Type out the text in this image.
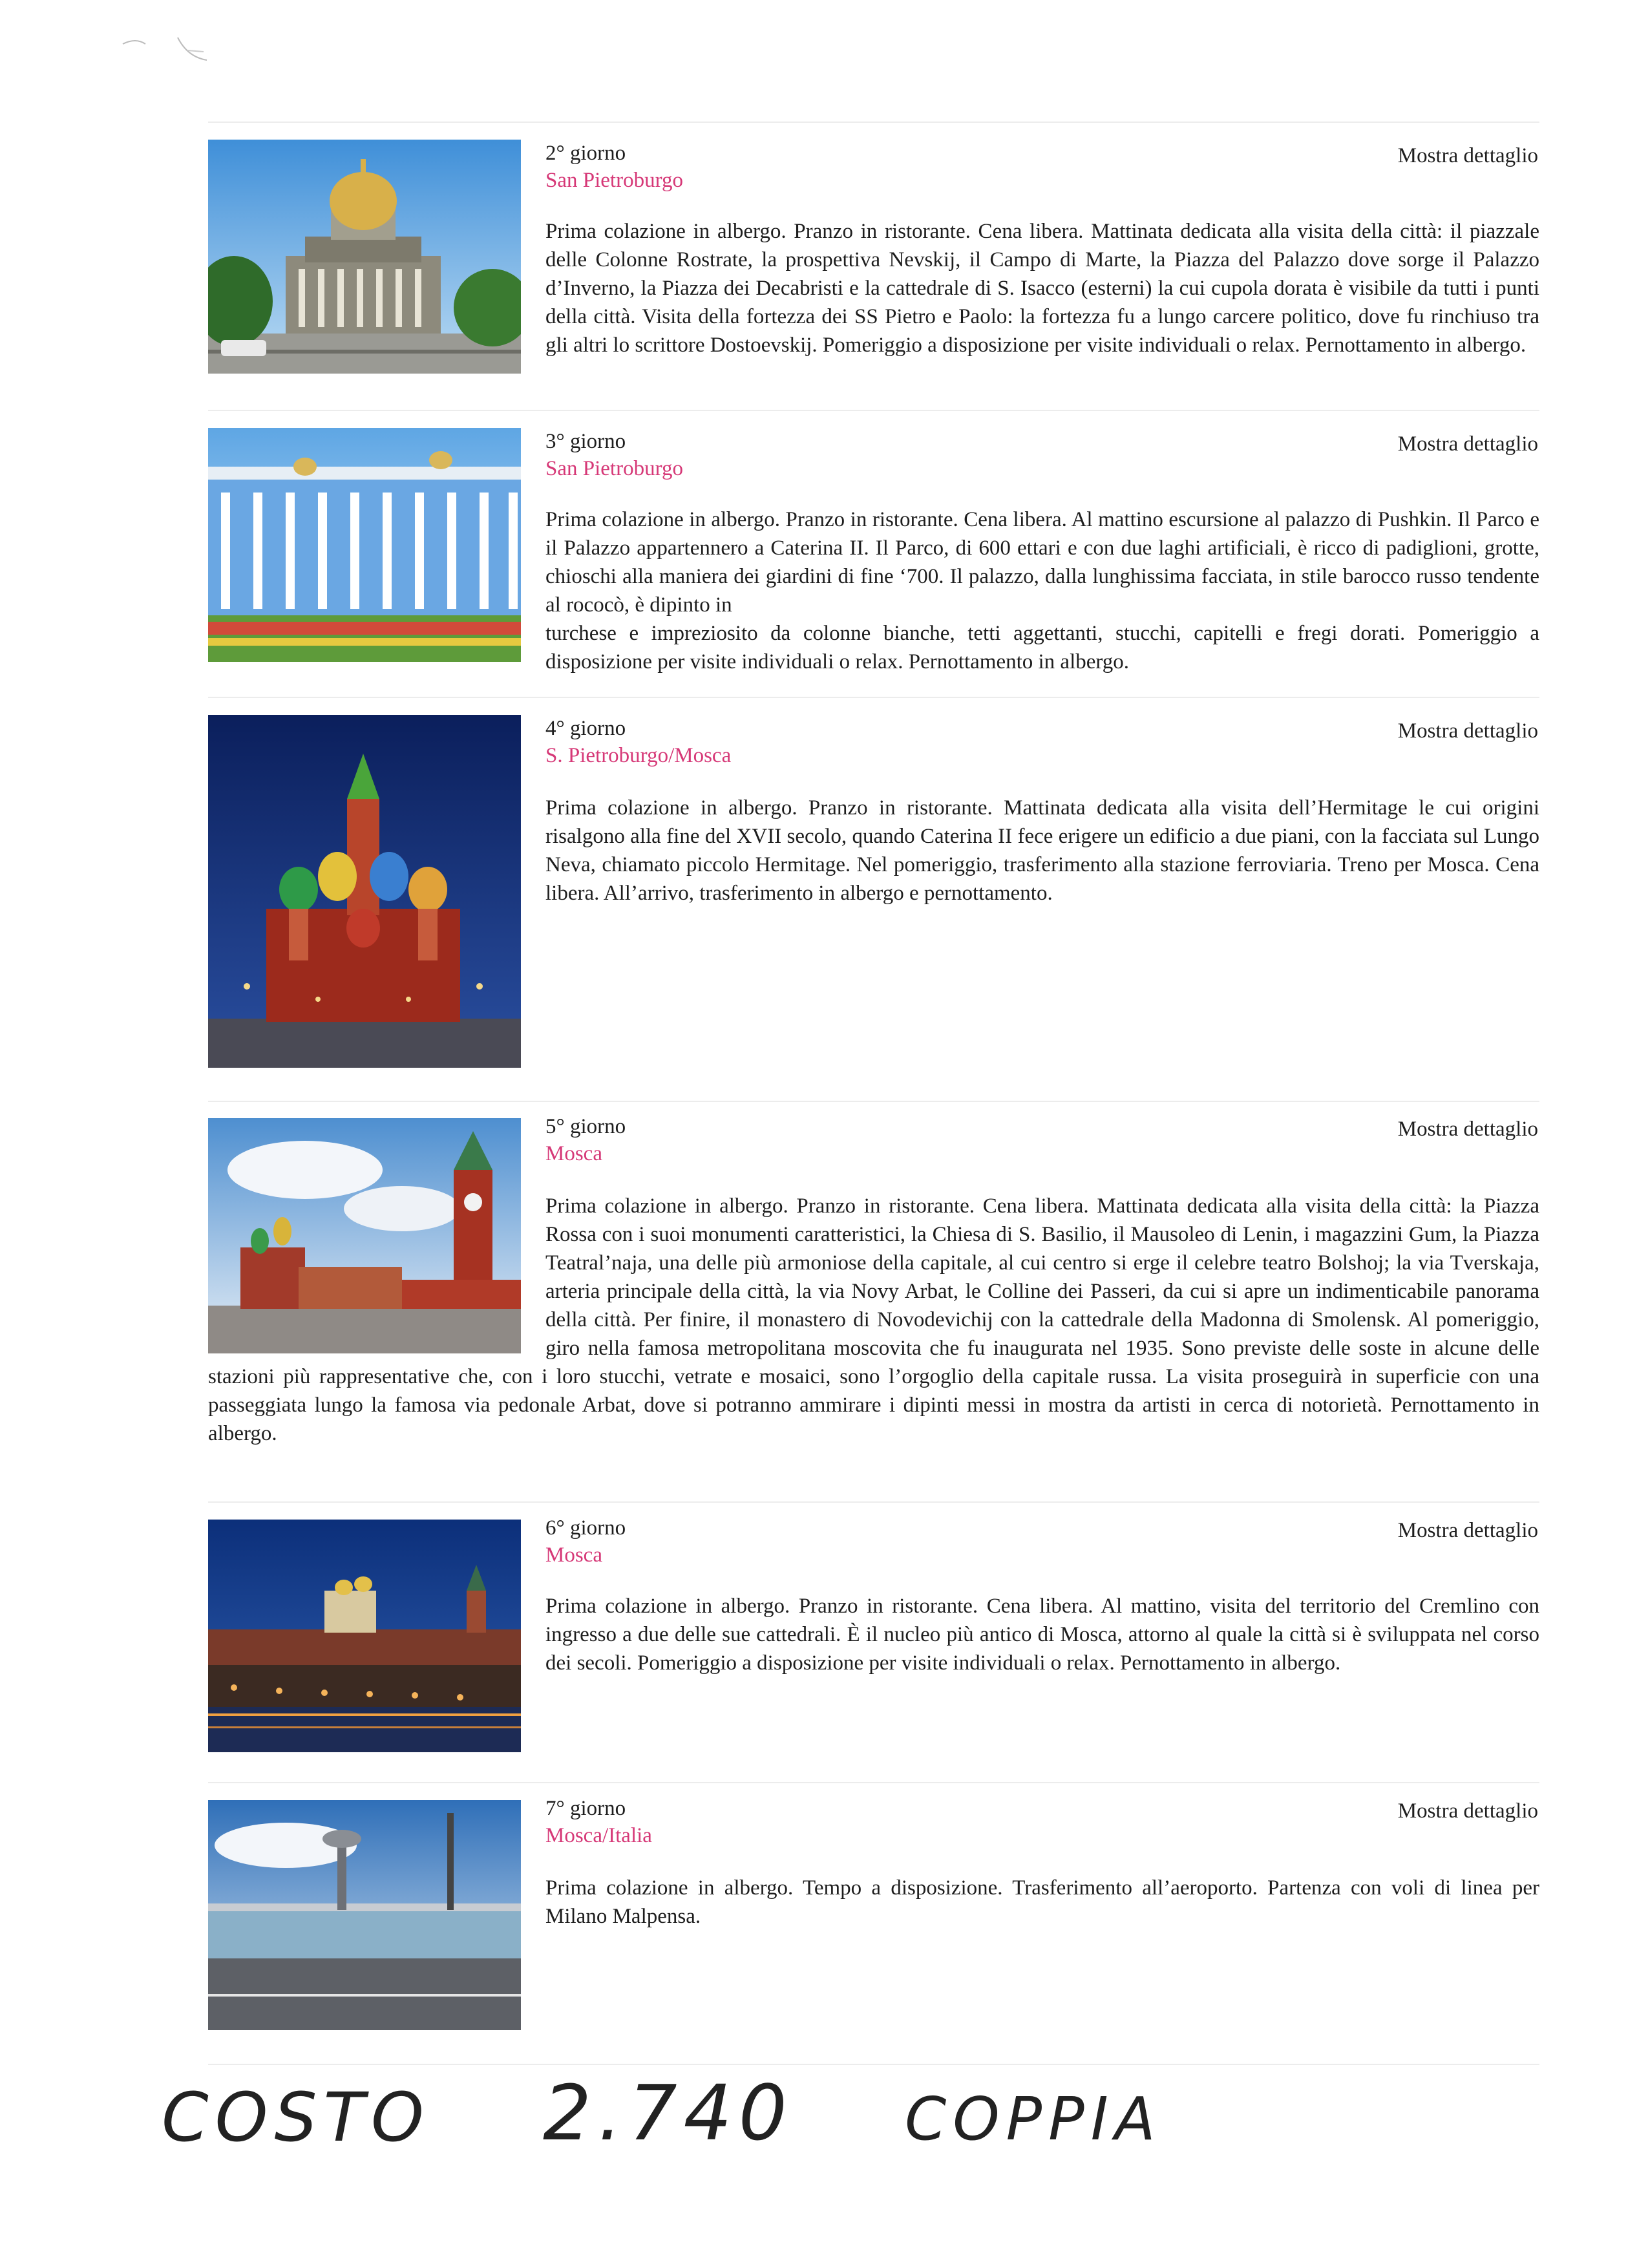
2° giorno
San Pietroburgo
Mostra dettaglio

Prima colazione in albergo. Pranzo in ristorante. Cena libera. Mattinata dedicata alla visita della città: il piazzale delle Colonne Rostrate, la prospettiva Nevskij, il Campo di Marte, la Piazza del Palazzo dove sorge il Palazzo d’Inverno, la Piazza dei Decabristi e la cattedrale di S. Isacco (esterni) la cui cupola dorata è visibile da tutti i punti della città. Visita della fortezza dei SS Pietro e Paolo: la fortezza fu a lungo carcere politico, dove fu rinchiuso tra gli altri lo scrittore Dostoevskij. Pomeriggio a disposizione per visite individuali o relax. Pernottamento in albergo.

3° giorno
San Pietroburgo
Mostra dettaglio

Prima colazione in albergo. Pranzo in ristorante. Cena libera. Al mattino escursione al palazzo di Pushkin. Il Parco e il Palazzo appartennero a Caterina II. Il Parco, di 600 ettari e con due laghi artificiali, è ricco di padiglioni, grotte, chioschi alla maniera dei giardini di fine ‘700. Il palazzo, dalla lunghissima facciata, in stile barocco russo tendente al rococò, è dipinto in

turchese e impreziosito da colonne bianche, tetti aggettanti, stucchi, capitelli e fregi dorati. Pomeriggio a disposizione per visite individuali o relax. Pernottamento in albergo.

4° giorno
S. Pietroburgo/Mosca
Mostra dettaglio

Prima colazione in albergo. Pranzo in ristorante. Mattinata dedicata alla visita dell’Hermitage le cui origini risalgono alla fine del XVII secolo, quando Caterina II fece erigere un edificio a due piani, con la facciata sul Lungo Neva, chiamato piccolo Hermitage. Nel pomeriggio, trasferimento alla stazione ferroviaria. Treno per Mosca. Cena libera. All’arrivo, trasferimento in albergo e pernottamento.

5° giorno
Mosca
Mostra dettaglio
Prima colazione in albergo. Pranzo in ristorante. Cena libera. Mattinata dedicata alla visita della città: la Piazza Rossa con i suoi monumenti caratteristici, la Chiesa di S. Basilio, il Mausoleo di Lenin, i magazzini Gum, la Piazza Teatral’naja, una delle più armoniose della capitale, al cui centro si erge il celebre teatro Bolshoj; la via Tverskaja, arteria principale della città, la via Novy Arbat, le Colline dei Passeri, da cui si apre un indimenticabile panorama della città. Per finire, il monastero di Novodevichij con la cattedrale della Madonna di Smolensk. Al pomeriggio, giro nella famosa metropolitana moscovita che fu inaugurata nel 1935. Sono previste delle soste in alcune delle stazioni più rappresentative che, con i loro stucchi, vetrate e mosaici, sono l’orgoglio della capitale russa. La visita proseguirà in superficie con una passeggiata lungo la famosa via pedonale Arbat, dove si potranno ammirare i dipinti messi in mostra da artisti in cerca di notorietà. Pernottamento in albergo.
6° giorno
Mosca
Mostra dettaglio

Prima colazione in albergo. Pranzo in ristorante. Cena libera. Al mattino, visita del territorio del Cremlino con ingresso a due delle sue cattedrali. È il nucleo più antico di Mosca, attorno al quale la città si è sviluppata nel corso dei secoli. Pomeriggio a disposizione per visite individuali o relax. Pernottamento in albergo.

7° giorno
Mosca/Italia
Mostra dettaglio

Prima colazione in albergo. Tempo a disposizione. Trasferimento all’aeroporto. Partenza con voli di linea per Milano Malpensa.

COSTO 2.740 COPPIA
